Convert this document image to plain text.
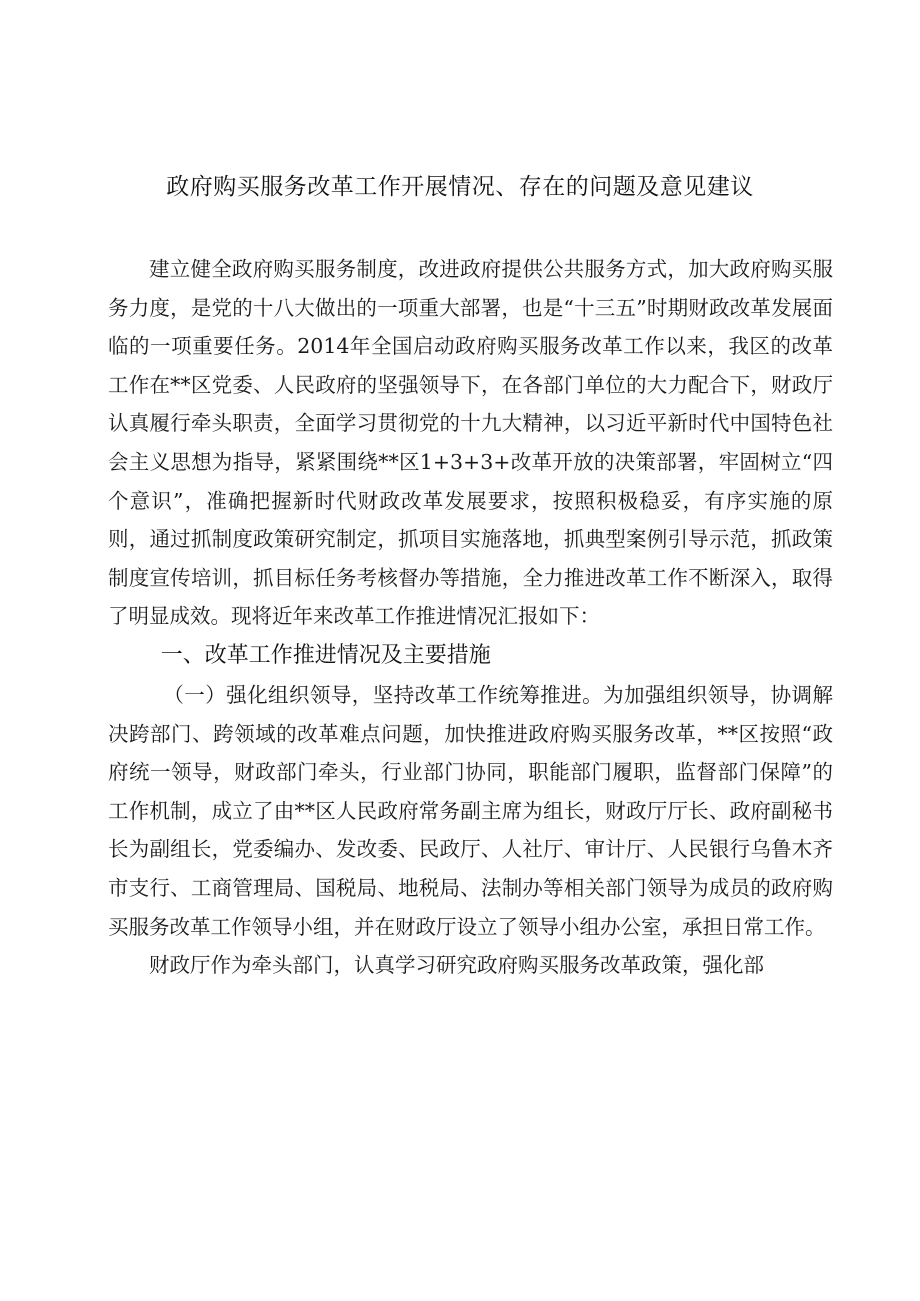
政府购买服务改革工作开展情况、存在的问题及意见建议

建立健全政府购买服务制度，改进政府提供公共服务方式，加大政府购买服务力度，是党的十八大做出的一项重大部署，也是“十三五”时期财政改革发展面临的一项重要任务。2014年全国启动政府购买服务改革工作以来，我区的改革工作在**区党委、人民政府的坚强领导下，在各部门单位的大力配合下，财政厅认真履行牵头职责，全面学习贯彻党的十九大精神，以习近平新时代中国特色社会主义思想为指导，紧紧围绕**区1+3+3+改革开放的决策部署，牢固树立“四个意识”，准确把握新时代财政改革发展要求，按照积极稳妥，有序实施的原则，通过抓制度政策研究制定，抓项目实施落地，抓典型案例引导示范，抓政策制度宣传培训，抓目标任务考核督办等措施，全力推进改革工作不断深入，取得了明显成效。现将近年来改革工作推进情况汇报如下：

一、改革工作推进情况及主要措施

（一）强化组织领导，坚持改革工作统筹推进。为加强组织领导，协调解决跨部门、跨领域的改革难点问题，加快推进政府购买服务改革，**区按照“政府统一领导，财政部门牵头，行业部门协同，职能部门履职，监督部门保障”的工作机制，成立了由**区人民政府常务副主席为组长，财政厅厅长、政府副秘书长为副组长，党委编办、发改委、民政厅、人社厅、审计厅、人民银行乌鲁木齐市支行、工商管理局、国税局、地税局、法制办等相关部门领导为成员的政府购买服务改革工作领导小组，并在财政厅设立了领导小组办公室，承担日常工作。

财政厅作为牵头部门，认真学习研究政府购买服务改革政策，强化部
